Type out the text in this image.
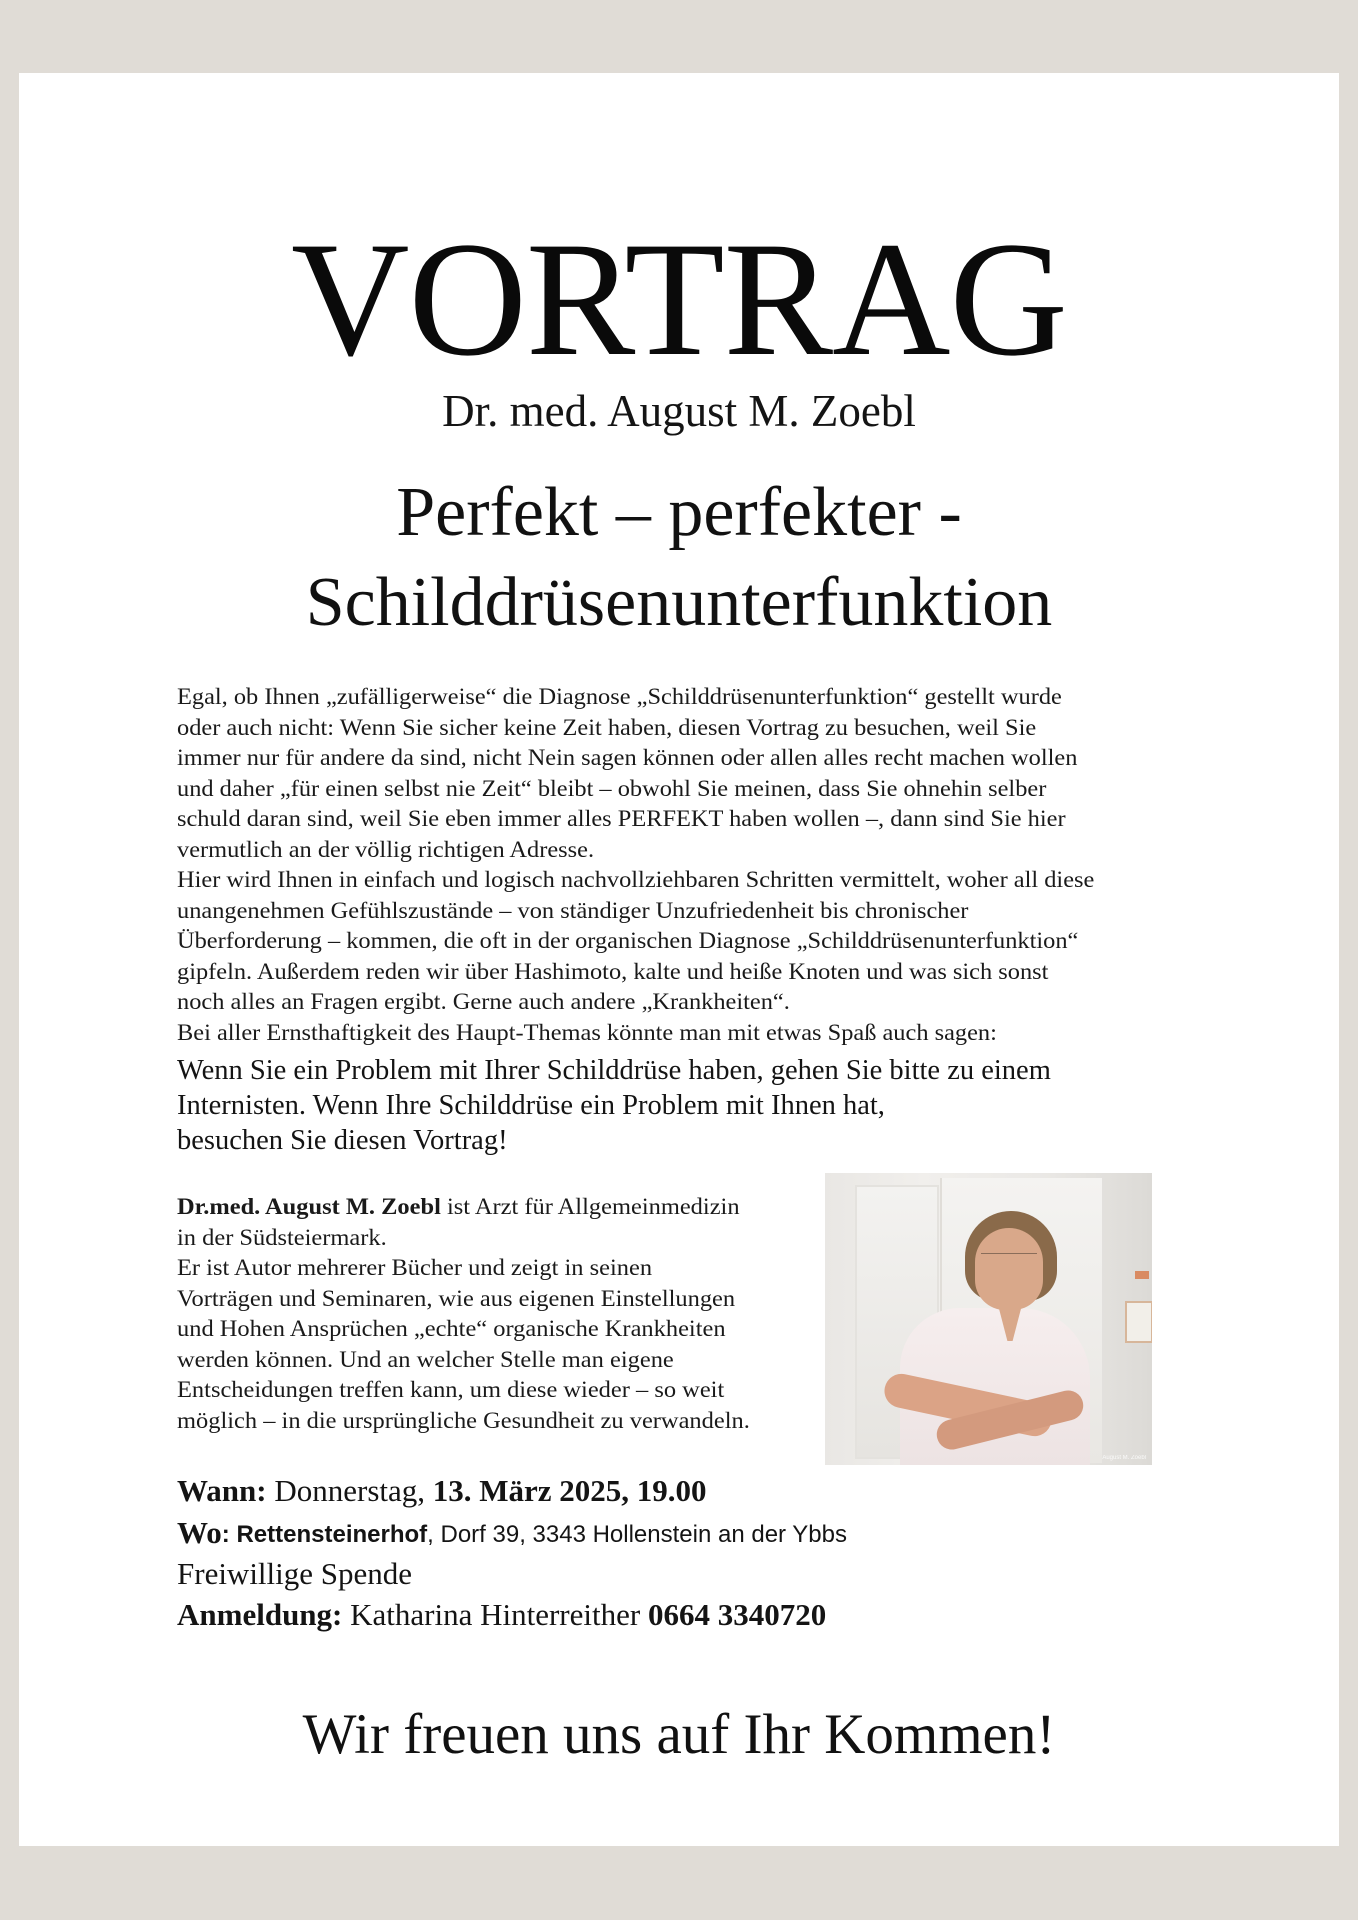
VORTRAG
Dr. med. August M. Zoebl
Perfekt – perfekter -
Schilddrüsenunterfunktion
Egal, ob Ihnen „zufälligerweise“ die Diagnose „Schilddrüsenunterfunktion“ gestellt wurde
oder auch nicht: Wenn Sie sicher keine Zeit haben, diesen Vortrag zu besuchen, weil Sie
immer nur für andere da sind, nicht Nein sagen können oder allen alles recht machen wollen
und daher „für einen selbst nie Zeit“ bleibt – obwohl Sie meinen, dass Sie ohnehin selber
schuld daran sind, weil Sie eben immer alles PERFEKT haben wollen –, dann sind Sie hier
vermutlich an der völlig richtigen Adresse.
Hier wird Ihnen in einfach und logisch nachvollziehbaren Schritten vermittelt, woher all diese
unangenehmen Gefühlszustände – von ständiger Unzufriedenheit bis chronischer
Überforderung – kommen, die oft in der organischen Diagnose „Schilddrüsenunterfunktion“
gipfeln. Außerdem reden wir über Hashimoto, kalte und heiße Knoten und was sich sonst
noch alles an Fragen ergibt. Gerne auch andere „Krankheiten“.
Bei aller Ernsthaftigkeit des Haupt-Themas könnte man mit etwas Spaß auch sagen:
Wenn Sie ein Problem mit Ihrer Schilddrüse haben, gehen Sie bitte zu einem
Internisten. Wenn Ihre Schilddrüse ein Problem mit Ihnen hat,
besuchen Sie diesen Vortrag!
Dr.med. August M. Zoebl ist Arzt für Allgemeinmedizin
in der Südsteiermark.
Er ist Autor mehrerer Bücher und zeigt in seinen
Vorträgen und Seminaren, wie aus eigenen Einstellungen
und Hohen Ansprüchen „echte“ organische Krankheiten
werden können. Und an welcher Stelle man eigene
Entscheidungen treffen kann, um diese wieder – so weit
möglich – in die ursprüngliche Gesundheit zu verwandeln.
August M. Zoebl
Wann: Donnerstag, 13. März 2025, 19.00
Wo: Rettensteinerhof, Dorf 39, 3343 Hollenstein an der Ybbs
Freiwillige Spende
Anmeldung: Katharina Hinterreither 0664 3340720
Wir freuen uns auf Ihr Kommen!
